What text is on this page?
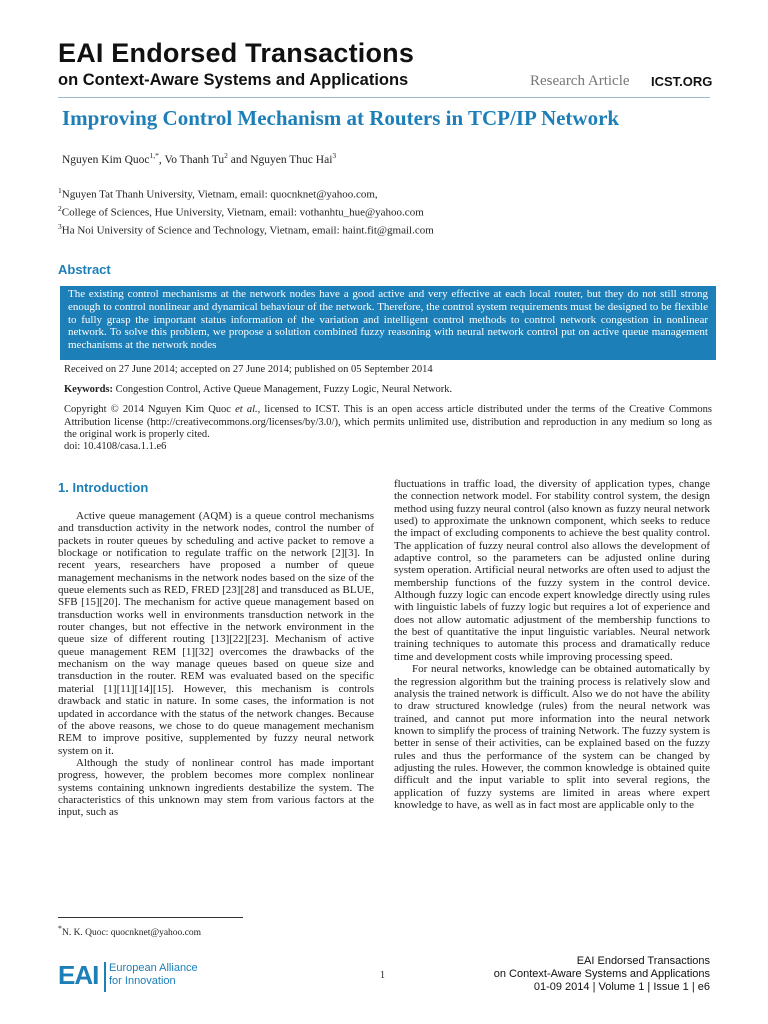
EAI Endorsed Transactions
on Context-Aware Systems and Applications	Research Article ICST.ORG
Improving Control Mechanism at Routers in TCP/IP Network
Nguyen Kim Quoc$^{1,*}$, Vo Thanh Tu$^2$ and Nguyen Thuc Hai$^3$
$^1$Nguyen Tat Thanh University, Vietnam, email: quocnknet@yahoo.com,
$^2$College of Sciences, Hue University, Vietnam, email: vothanhtu_hue@yahoo.com
$^3$Ha Noi University of Science and Technology, Vietnam, email: haint.fit@gmail.com
Abstract
The existing control mechanisms at the network nodes have a good active and very effective at each local router, but they do not still strong enough to control nonlinear and dynamical behaviour of the network. Therefore, the control system requirements must be designed to be flexible to fully grasp the important status information of the variation and intelligent control methods to control network congestion in nonlinear network. To solve this problem, we propose a solution combined fuzzy reasoning with neural network control put on active queue management mechanisms at the network nodes
Received on 27 June 2014; accepted on 27 June 2014; published on 05 September 2014
Keywords: Congestion Control, Active Queue Management, Fuzzy Logic, Neural Network.
Copyright © 2014 Nguyen Kim Quoc et al., licensed to ICST. This is an open access article distributed under the terms of the Creative Commons Attribution license (http://creativecommons.org/licenses/by/3.0/), which permits unlimited use, distribution and reproduction in any medium so long as the original work is properly cited.
doi: 10.4108/casa.1.1.e6
1. Introduction

Active queue management (AQM) is a queue control mechanisms and transduction activity in the network nodes, control the number of packets in router queues by scheduling and active packet to remove a blockage or notification to regulate traffic on the network [2][3]. In recent years, researchers have proposed a number of queue management mechanisms in the network nodes based on the size of the queue elements such as RED, FRED [23][28] and transduced as BLUE, SFB [15][20]. The mechanism for active queue management based on transduction works well in environments transduction network in the router changes, but not effective in the network environment in the queue size of different routing [13][22][23]. Mechanism of active queue management REM [1][32] overcomes the drawbacks of the mechanism on the way manage queues based on queue size and transduction in the router. REM was evaluated based on the specific material [1][11][14][15]. However, this mechanism is controls drawback and static in nature. In some cases, the information is not updated in accordance with the status of the network changes. Because of the above reasons, we chose to do queue management mechanism REM to improve positive, supplemented by fuzzy neural network system on it.

Although the study of nonlinear control has made important progress, however, the problem becomes more complex nonlinear systems containing unknown ingredients destabilize the system. The characteristics of this unknown may stem from various factors at the input, such as

fluctuations in traffic load, the diversity of application types, change the connection network model. For stability control system, the design method using fuzzy neural control (also known as fuzzy neural network used) to approximate the unknown component, which seeks to reduce the impact of excluding components to achieve the best quality control. The application of fuzzy neural control also allows the development of adaptive control, so the parameters can be adjusted online during system operation. Artificial neural networks are often used to adjust the membership functions of the fuzzy system in the control device. Although fuzzy logic can encode expert knowledge directly using rules with linguistic labels of fuzzy logic but requires a lot of experience and does not allow automatic adjustment of the membership functions to the best of quantitative the input linguistic variables. Neural network training techniques to automate this process and dramatically reduce time and development costs while improving processing speed.

For neural networks, knowledge can be obtained automatically by the regression algorithm but the training process is relatively slow and analysis the trained network is difficult. Also we do not have the ability to draw structured knowledge (rules) from the neural network was trained, and cannot put more information into the neural network known to simplify the process of training Network. The fuzzy system is better in sense of their activities, can be explained based on the fuzzy rules and thus the performance of the system can be changed by adjusting the rules. However, the common knowledge is obtained quite difficult and the input variable to split into several regions, the application of fuzzy systems are limited in areas where expert knowledge to have, as well as in fact most are applicable only to the

*N. K. Quoc: quocnknet@yahoo.com
EAI European Alliance
for Innovation	1
EAI Endorsed Transactions
on Context-Aware Systems and Applications
01-09 2014 | Volume 1 | Issue 1 | e6
